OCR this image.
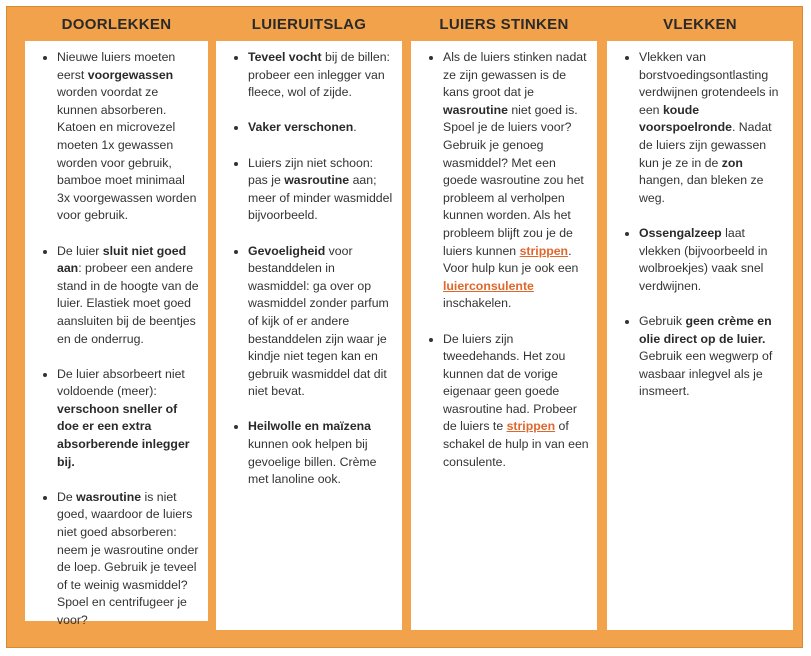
DOORLEKKEN
• Nieuwe luiers moeten eerst voorgewassen worden voordat ze kunnen absorberen. Katoen en microvezel moeten 1x gewassen worden voor gebruik, bamboe moet minimaal 3x voorgewassen worden voor gebruik.
• De luier sluit niet goed aan: probeer een andere stand in de hoogte van de luier. Elastiek moet goed aansluiten bij de beentjes en de onderrug.
• De luier absorbeert niet voldoende (meer): verschoon sneller of doe er een extra absorberende inlegger bij.
• De wasroutine is niet goed, waardoor de luiers niet goed absorberen: neem je wasroutine onder de loep. Gebruik je teveel of te weinig wasmiddel? Spoel en centrifugeer je voor?
LUIERUITSLAG
• Teveel vocht bij de billen: probeer een inlegger van fleece, wol of zijde.
• Vaker verschonen.
• Luiers zijn niet schoon: pas je wasroutine aan; meer of minder wasmiddel bijvoorbeeld.
• Gevoeligheid voor bestanddelen in wasmiddel: ga over op wasmiddel zonder parfum of kijk of er andere bestanddelen zijn waar je kindje niet tegen kan en gebruik wasmiddel dat dit niet bevat.
• Heilwolle en maïzena kunnen ook helpen bij gevoelige billen. Crème met lanoline ook.
LUIERS STINKEN
• Als de luiers stinken nadat ze zijn gewassen is de kans groot dat je wasroutine niet goed is. Spoel je de luiers voor? Gebruik je genoeg wasmiddel? Met een goede wasroutine zou het probleem al verholpen kunnen worden. Als het probleem blijft zou je de luiers kunnen strippen. Voor hulp kun je ook een luierconsulente inschakelen.
• De luiers zijn tweedehands. Het zou kunnen dat de vorige eigenaar geen goede wasroutine had. Probeer de luiers te strippen of schakel de hulp in van een consulente.
VLEKKEN
• Vlekken van borstvoedingsontlasting verdwijnen grotendeels in een koude voorspoelronde. Nadat de luiers zijn gewassen kun je ze in de zon hangen, dan bleken ze weg.
• Ossengalzeep laat vlekken (bijvoorbeeld in wolbroekjes) vaak snel verdwijnen.
• Gebruik geen crème en olie direct op de luier. Gebruik een wegwerp of wasbaar inlegvel als je insmeert.
